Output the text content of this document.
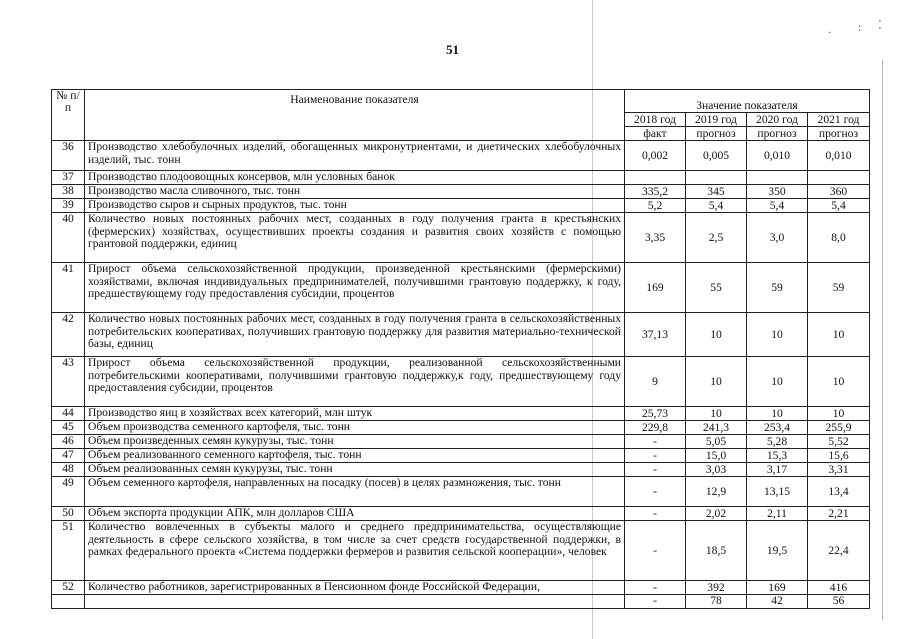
51
. : ⁚
№ п/п	Наименование показателя	Значение показателя			
		2018 год	2019 год	2020 год	2021 год
		факт	прогноз	прогноз	прогноз
36	Производство хлебобулочных изделий, обогащенных микронутриентами, и диетических хлебобулочных изделий, тыс. тонн	0,002	0,005	0,010	0,010
37	Производство плодоовощных консервов, млн условных банок				
38	Производство масла сливочного, тыс. тонн	335,2	345	350	360
39	Производство сыров и сырных продуктов, тыс. тонн	5,2	5,4	5,4	5,4
40	Количество новых постоянных рабочих мест, созданных в году получения гранта в крестьянских (фермерских) хозяйствах, осуществивших проекты создания и развития своих хозяйств с помощью грантовой поддержки, единиц	3,35	2,5	3,0	8,0
41	Прирост объема сельскохозяйственной продукции, произведенной крестьянскими (фермерскими) хозяйствами, включая индивидуальных предпринимателей, получившими грантовую поддержку, к году, предшествующему году предоставления субсидии, процентов	169	55	59	59
42	Количество новых постоянных рабочих мест, созданных в году получения гранта в сельскохозяйственных потребительских кооперативах, получивших грантовую поддержку для развития материально-технической базы, единиц	37,13	10	10	10
43	Прирост объема сельскохозяйственной продукции, реализованной сельскохозяйственными потребительскими кооперативами, получившими грантовую поддержку,к году, предшествующему году предоставления субсидии, процентов	9	10	10	10
44	Производство яиц в хозяйствах всех категорий, млн штук	25,73	10	10	10
45	Объем производства семенного картофеля, тыс. тонн	229,8	241,3	253,4	255,9
46	Объем произведенных семян кукурузы, тыс. тонн	-	5,05	5,28	5,52
47	Объем реализованного семенного картофеля, тыс. тонн	-	15,0	15,3	15,6
48	Объем реализованных семян кукурузы, тыс. тонн	-	3,03	3,17	3,31
49	Объем семенного картофеля, направленных на посадку (посев) в целях размножения, тыс. тонн	-	12,9	13,15	13,4
50	Объем экспорта продукции АПК, млн долларов США	-	2,02	2,11	2,21
51	Количество вовлеченных в субъекты малого и среднего предпринимательства, осуществляющие деятельность в сфере сельского хозяйства, в том числе за счет средств государственной поддержки, в рамках федерального проекта «Система поддержки фермеров и развития сельской кооперации», человек	-	18,5	19,5	22,4
52	Количество работников, зарегистрированных в Пенсионном фонде Российской Федерации,	-	392	169	416
		-	78	42	56
